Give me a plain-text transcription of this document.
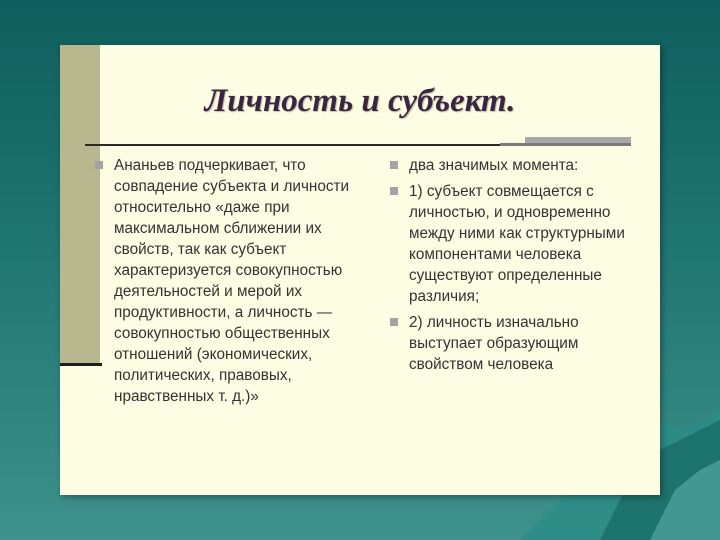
Личность и субъект.
Ананьев подчеркивает, что совпадение субъекта и личности относительно «даже при максимальном сближении их свойств, так как субъект характеризуется совокупностью деятельностей и мерой их продуктивности, а личность — совокупностью общественных отношений (экономических, политических, правовых, нравственных т. д.)»
два значимых момента:
1) субъект совмещается с личностью, и одновременно между ними как структурными компонентами человека существуют определенные различия;
2) личность изначально выступает образующим свойством человека
